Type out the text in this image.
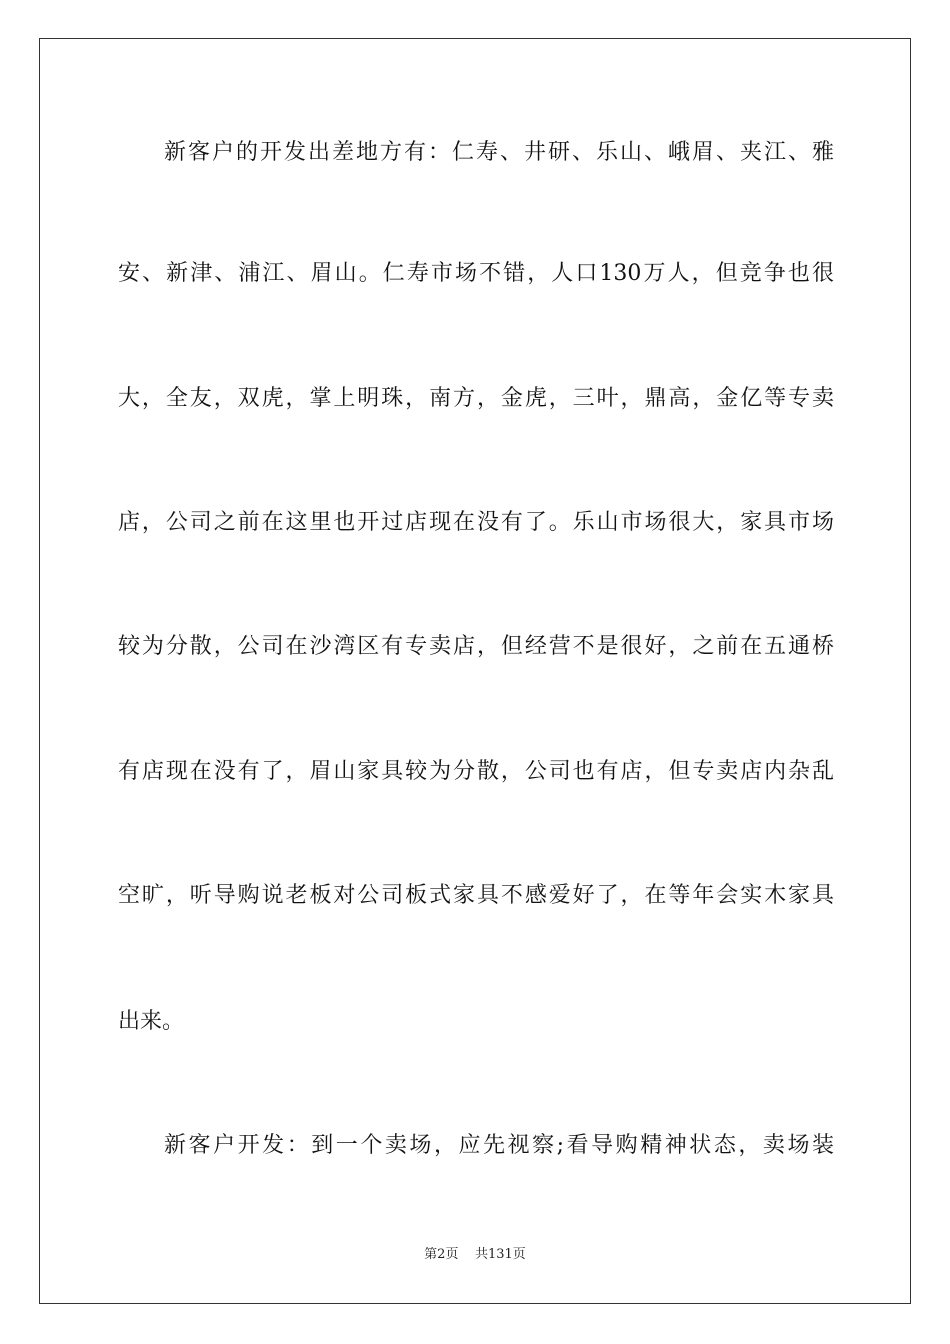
新客户的开发出差地方有：仁寿、井研、乐山、峨眉、夹江、雅
安、新津、浦江、眉山。仁寿市场不错，人口130万人，但竞争也很
大，全友，双虎，掌上明珠，南方，金虎，三叶，鼎高，金亿等专卖
店，公司之前在这里也开过店现在没有了。乐山市场很大，家具市场
较为分散，公司在沙湾区有专卖店，但经营不是很好，之前在五通桥
有店现在没有了，眉山家具较为分散，公司也有店，但专卖店内杂乱
空旷，听导购说老板对公司板式家具不感爱好了，在等年会实木家具
出来。
新客户开发：到一个卖场，应先视察;看导购精神状态，卖场装
第2页 共131页
